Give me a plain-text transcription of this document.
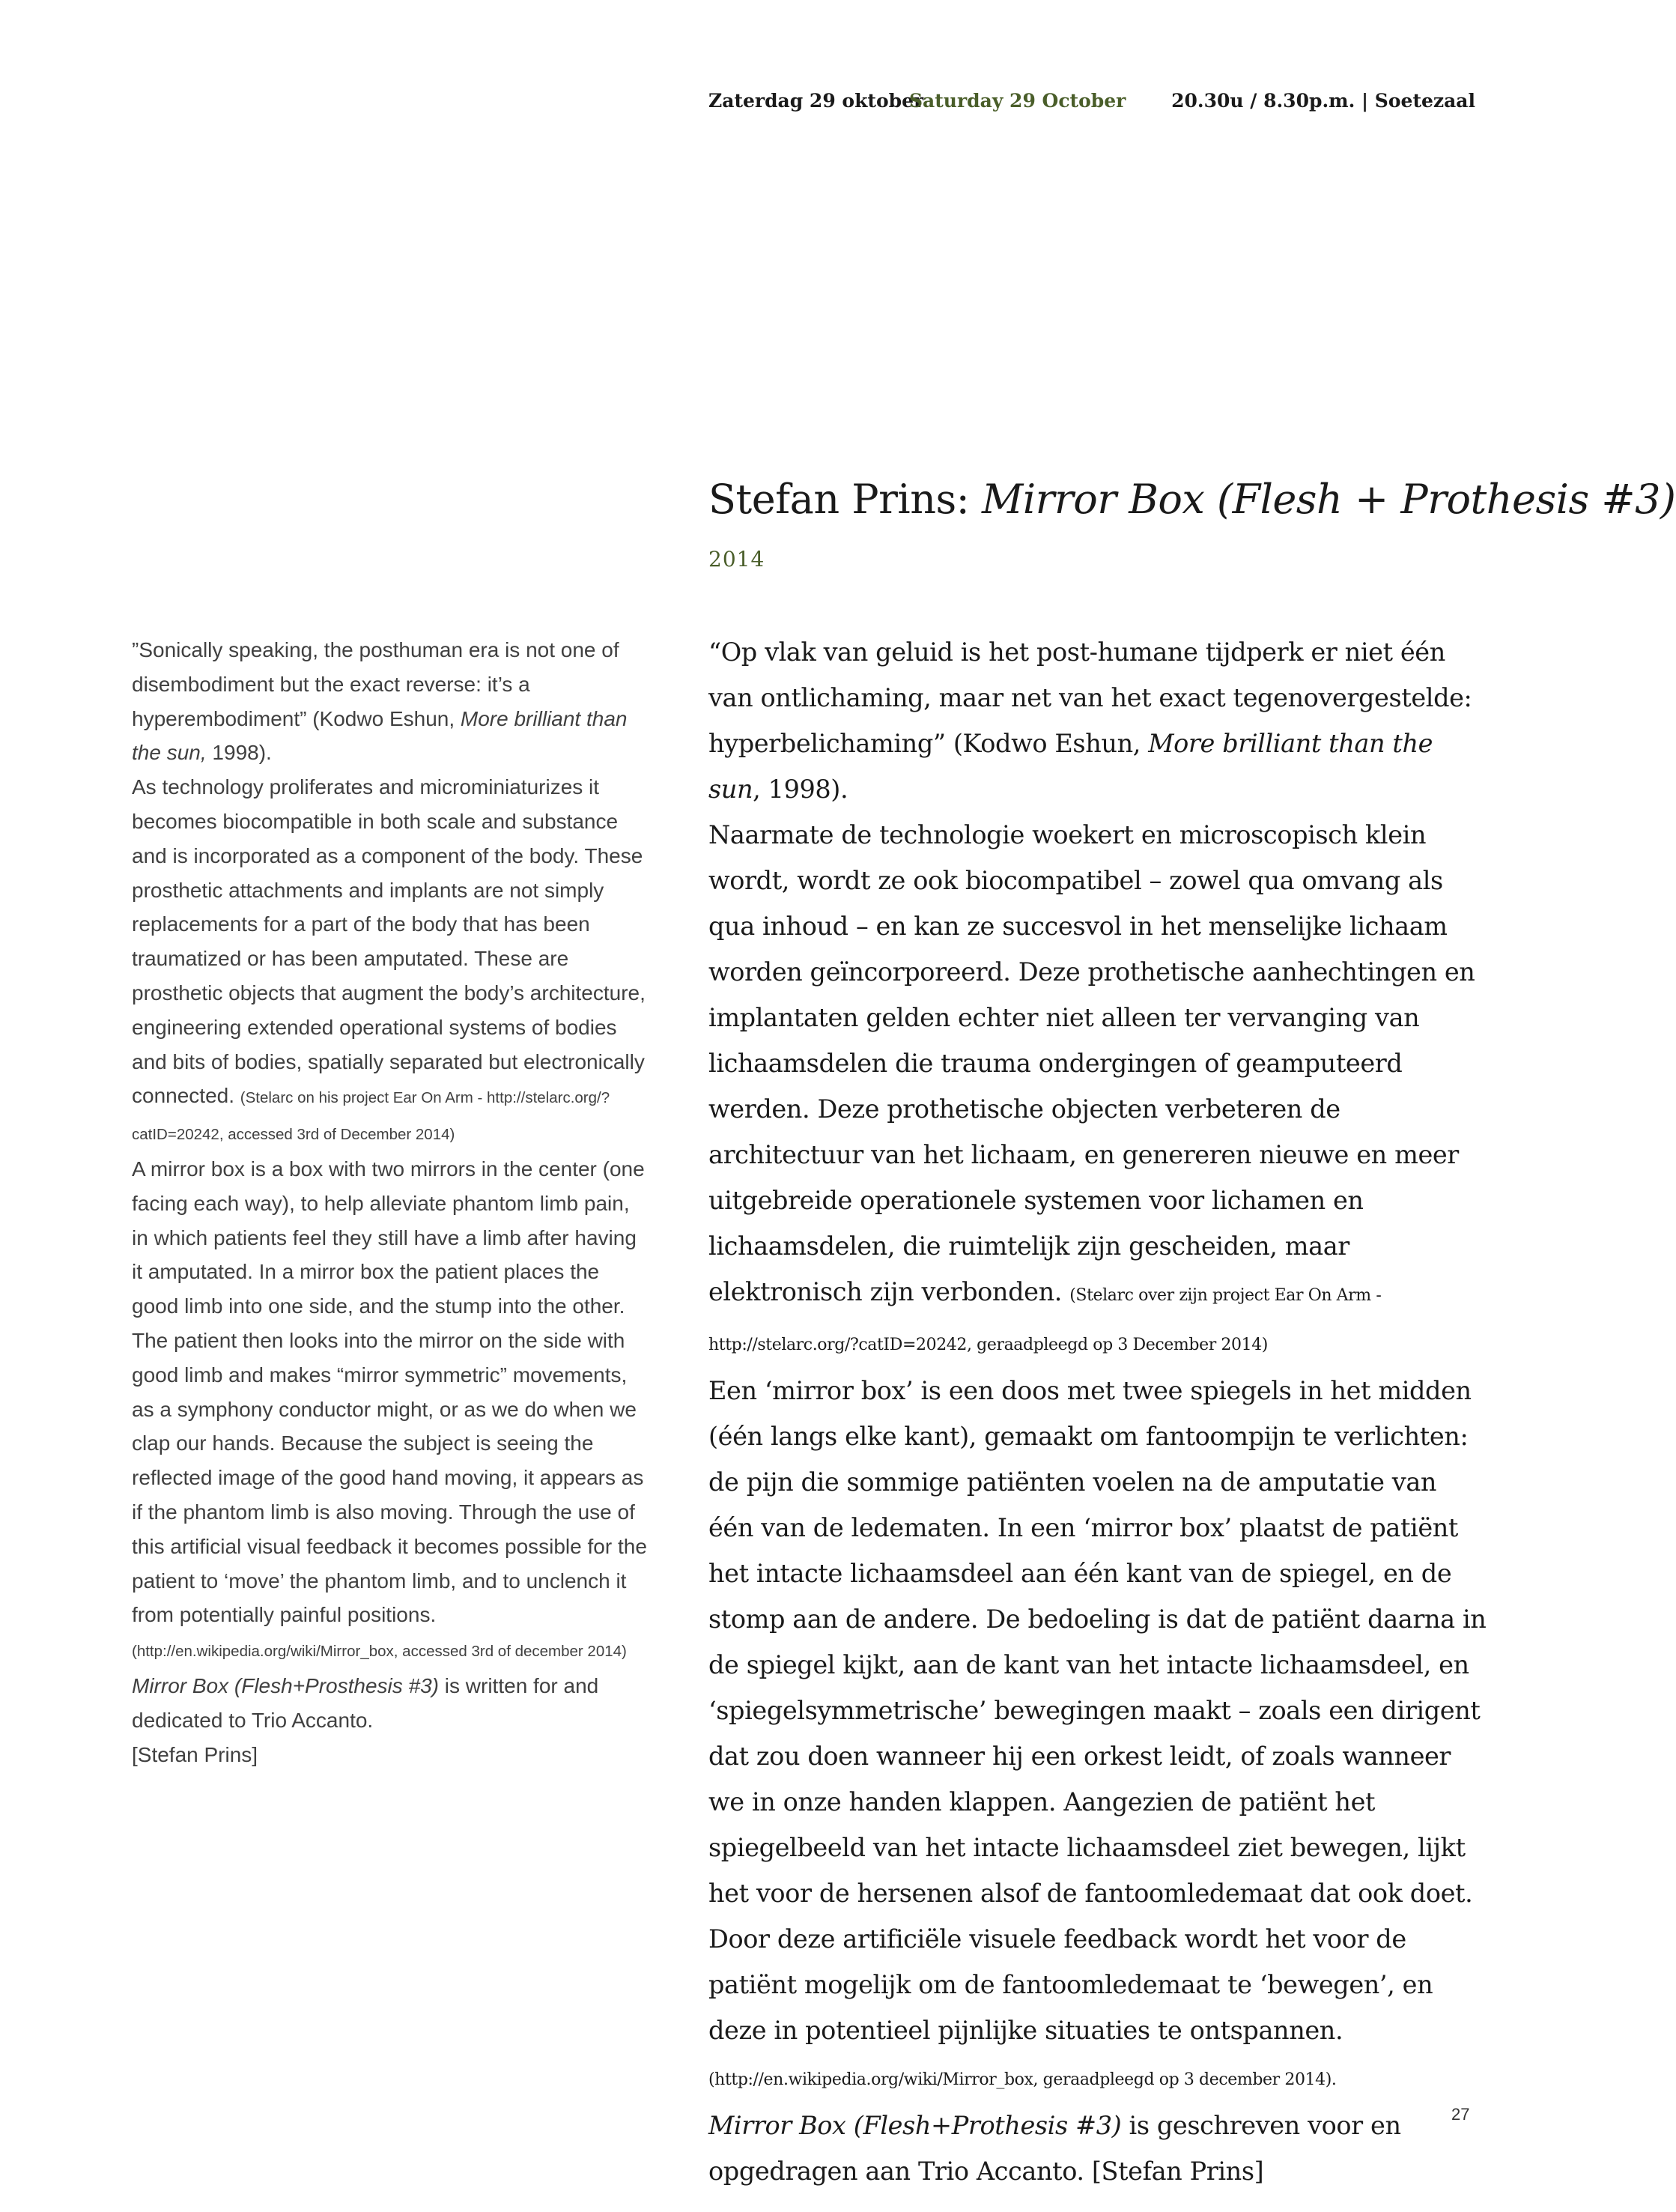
Zaterdag 29 oktober
Saturday 29 October 20.30u / 8.30p.m. | Soetezaal
Stefan Prins: Mirror Box (Flesh + Prothesis #3)
2014

”Sonically speaking, the posthuman era is not one of disembodiment but the exact reverse: it’s a hyperembodiment” (Kodwo Eshun, More brilliant than the sun, 1998).

As technology proliferates and microminiaturizes it becomes biocompatible in both scale and substance and is incorporated as a component of the body. These prosthetic attachments and implants are not simply replacements for a part of the body that has been traumatized or has been amputated. These are prosthetic objects that augment the body’s architecture, engineering extended operational systems of bodies and bits of bodies, spatially separated but electronically connected. (Stelarc on his project Ear On Arm - http://stelarc.org/?catID=20242, accessed 3rd of December 2014)

A mirror box is a box with two mirrors in the center (one facing each way), to help alleviate phantom limb pain, in which patients feel they still have a limb after having it amputated. In a mirror box the patient places the good limb into one side, and the stump into the other. The patient then looks into the mirror on the side with good limb and makes “mirror symmetric” movements, as a symphony conductor might, or as we do when we clap our hands. Because the subject is seeing the reflected image of the good hand moving, it appears as if the phantom limb is also moving. Through the use of this artificial visual feedback it becomes possible for the patient to ‘move’ the phantom limb, and to unclench it from potentially painful positions. (http://en.wikipedia.org/wiki/Mirror_box, accessed 3rd of december 2014)

Mirror Box (Flesh+Prosthesis #3) is written for and dedicated to Trio Accanto.

[Stefan Prins]

“Op vlak van geluid is het post-humane tijdperk er niet één van ontlichaming, maar net van het exact tegenovergestelde: hyperbelichaming” (Kodwo Eshun, More brilliant than the sun, 1998).

Naarmate de technologie woekert en microscopisch klein wordt, wordt ze ook biocompatibel – zowel qua omvang als qua inhoud – en kan ze succesvol in het menselijke lichaam worden geïncorporeerd. Deze prothetische aanhechtingen en implantaten gelden echter niet alleen ter vervanging van lichaamsdelen die trauma ondergingen of geamputeerd werden. Deze prothetische objecten verbeteren de architectuur van het lichaam, en genereren nieuwe en meer uitgebreide operationele systemen voor lichamen en lichaamsdelen, die ruimtelijk zijn gescheiden, maar elektronisch zijn verbonden. (Stelarc over zijn project Ear On Arm - http://stelarc.org/?catID=20242, geraadpleegd op 3 December 2014)

Een ‘mirror box’ is een doos met twee spiegels in het midden (één langs elke kant), gemaakt om fantoompijn te verlichten: de pijn die sommige patiënten voelen na de amputatie van één van de ledematen. In een ‘mirror box’ plaatst de patiënt het intacte lichaamsdeel aan één kant van de spiegel, en de stomp aan de andere. De bedoeling is dat de patiënt daarna in de spiegel kijkt, aan de kant van het intacte lichaamsdeel, en ‘spiegelsymmetrische’ bewegingen maakt – zoals een dirigent dat zou doen wanneer hij een orkest leidt, of zoals wanneer we in onze handen klappen. Aangezien de patiënt het spiegelbeeld van het intacte lichaamsdeel ziet bewegen, lijkt het voor de hersenen alsof de fantoomledemaat dat ook doet. Door deze artificiële visuele feedback wordt het voor de patiënt mogelijk om de fantoomledemaat te ‘bewegen’, en deze in potentieel pijnlijke situaties te ontspannen. (http://en.wikipedia.org/wiki/Mirror_box, geraadpleegd op 3 december 2014).

Mirror Box (Flesh+Prothesis #3) is geschreven voor en opgedragen aan Trio Accanto. [Stefan Prins]

27
